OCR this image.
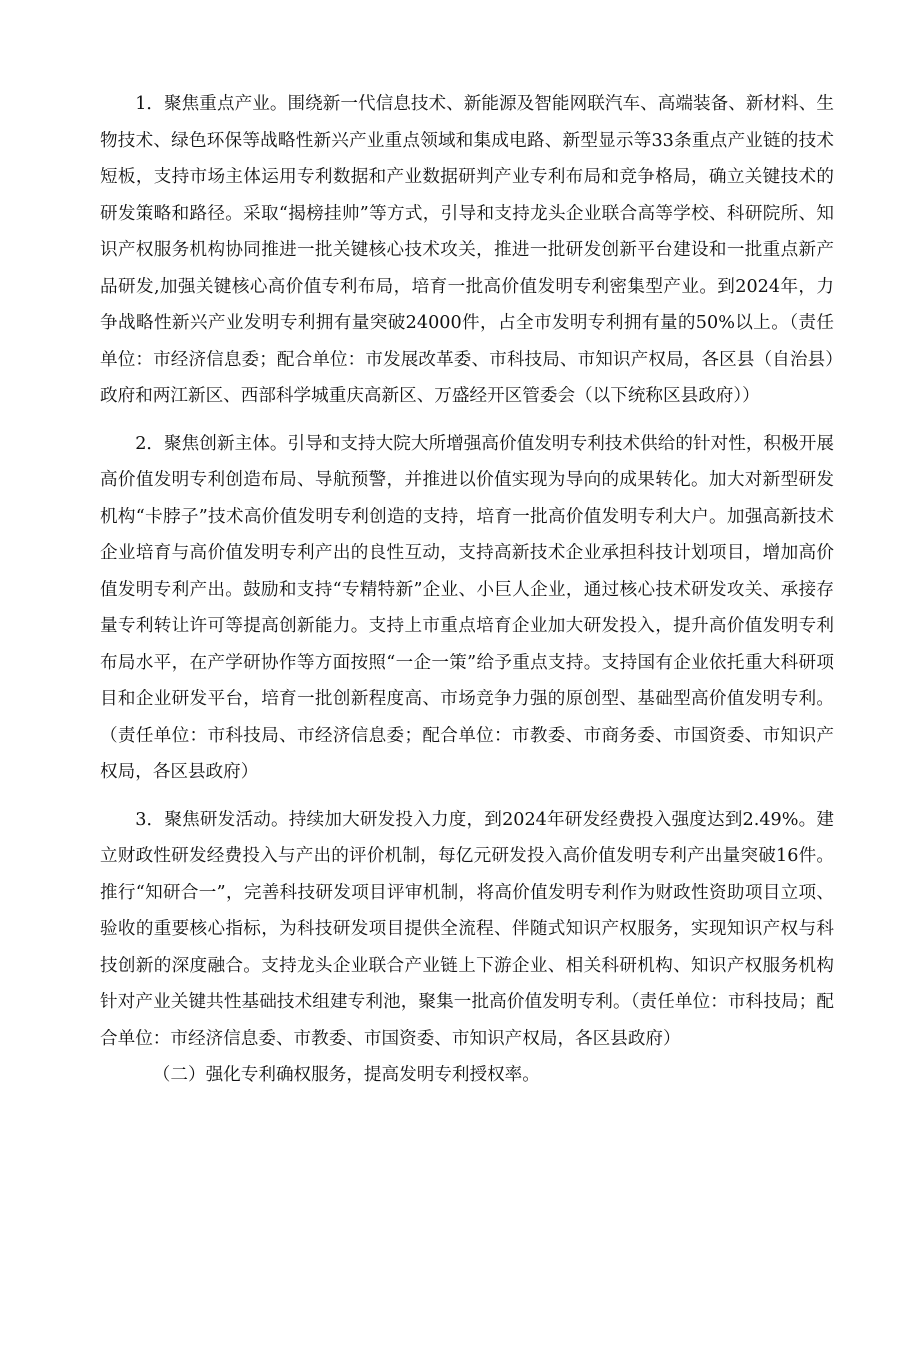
1．聚焦重点产业。围绕新一代信息技术、新能源及智能网联汽车、高端装备、新材料、生物技术、绿色环保等战略性新兴产业重点领域和集成电路、新型显示等33条重点产业链的技术短板，支持市场主体运用专利数据和产业数据研判产业专利布局和竞争格局，确立关键技术的研发策略和路径。采取“揭榜挂帅”等方式，引导和支持龙头企业联合高等学校、科研院所、知识产权服务机构协同推进一批关键核心技术攻关，推进一批研发创新平台建设和一批重点新产品研发,加强关键核心高价值专利布局，培育一批高价值发明专利密集型产业。到2024年，力争战略性新兴产业发明专利拥有量突破24000件，占全市发明专利拥有量的50%以上。（责任单位：市经济信息委；配合单位：市发展改革委、市科技局、市知识产权局，各区县（自治县）政府和两江新区、西部科学城重庆高新区、万盛经开区管委会（以下统称区县政府））

2．聚焦创新主体。引导和支持大院大所增强高价值发明专利技术供给的针对性，积极开展高价值发明专利创造布局、导航预警，并推进以价值实现为导向的成果转化。加大对新型研发机构“卡脖子”技术高价值发明专利创造的支持，培育一批高价值发明专利大户。加强高新技术企业培育与高价值发明专利产出的良性互动，支持高新技术企业承担科技计划项目，增加高价值发明专利产出。鼓励和支持“专精特新”企业、小巨人企业，通过核心技术研发攻关、承接存量专利转让许可等提高创新能力。支持上市重点培育企业加大研发投入，提升高价值发明专利布局水平，在产学研协作等方面按照“一企一策”给予重点支持。支持国有企业依托重大科研项目和企业研发平台，培育一批创新程度高、市场竞争力强的原创型、基础型高价值发明专利。（责任单位：市科技局、市经济信息委；配合单位：市教委、市商务委、市国资委、市知识产权局，各区县政府）

3．聚焦研发活动。持续加大研发投入力度，到2024年研发经费投入强度达到2.49%。建立财政性研发经费投入与产出的评价机制，每亿元研发投入高价值发明专利产出量突破16件。推行“知研合一”，完善科技研发项目评审机制，将高价值发明专利作为财政性资助项目立项、验收的重要核心指标，为科技研发项目提供全流程、伴随式知识产权服务，实现知识产权与科技创新的深度融合。支持龙头企业联合产业链上下游企业、相关科研机构、知识产权服务机构针对产业关键共性基础技术组建专利池，聚集一批高价值发明专利。（责任单位：市科技局；配合单位：市经济信息委、市教委、市国资委、市知识产权局，各区县政府）

（二）强化专利确权服务，提高发明专利授权率。
